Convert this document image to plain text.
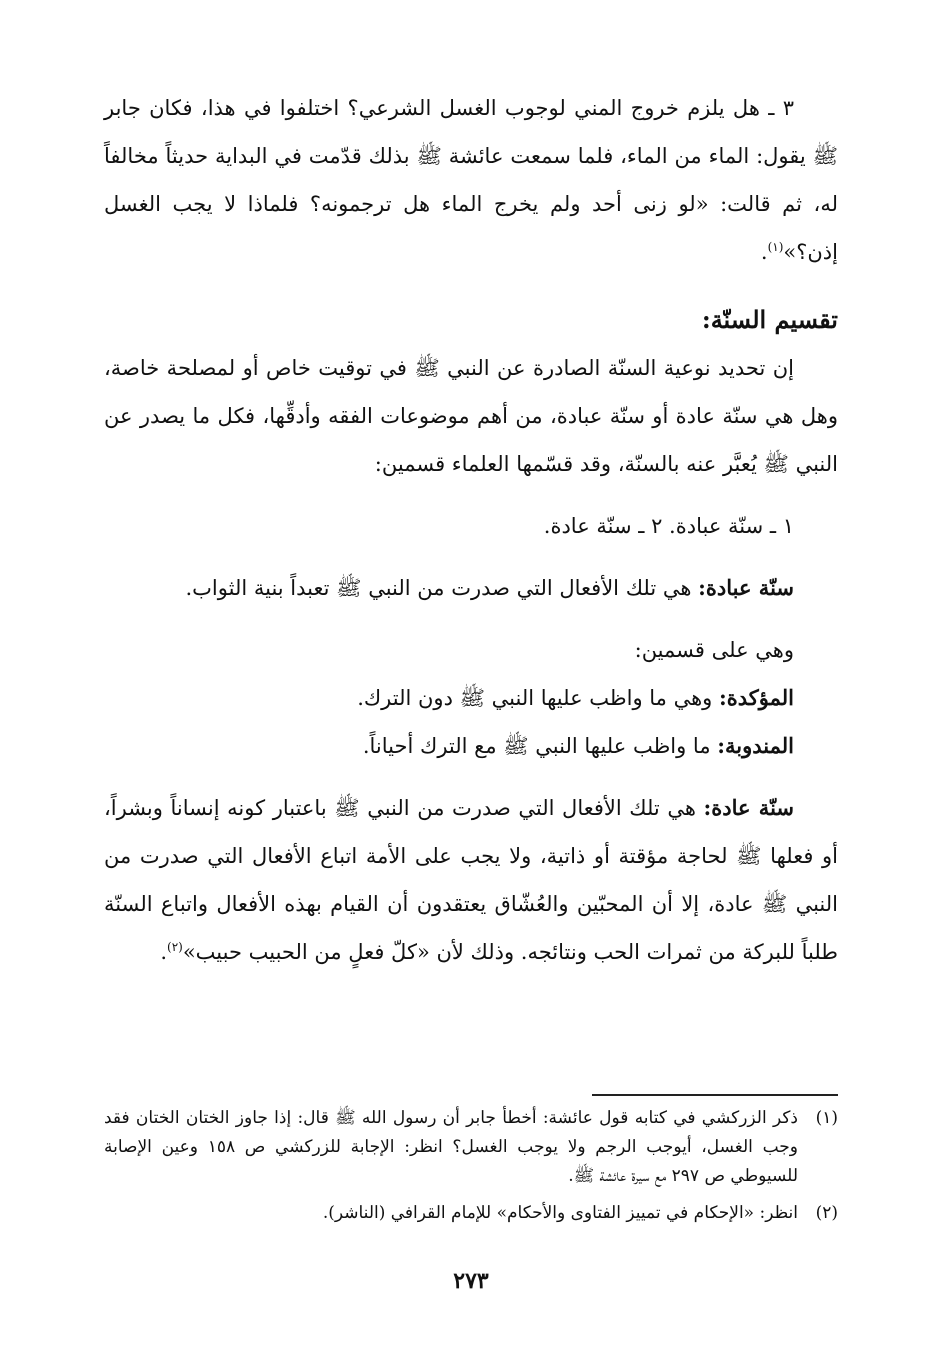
٣ ـ هل يلزم خروج المني لوجوب الغسل الشرعي؟ اختلفوا في هذا، فكان جابر ﷺ يقول: الماء من الماء، فلما سمعت عائشة ﷺ بذلك قدّمت في البداية حديثاً مخالفاً له، ثم قالت: «لو زنى أحد ولم يخرج الماء هل ترجمونه؟ فلماذا لا يجب الغسل إذن؟»$^{(١)}$.

تقسيم السنّة:

إن تحديد نوعية السنّة الصادرة عن النبي ﷺ في توقيت خاص أو لمصلحة خاصة، وهل هي سنّة عادة أو سنّة عبادة، من أهم موضوعات الفقه وأدقِّها، فكل ما يصدر عن النبي ﷺ يُعبَّر عنه بالسنّة، وقد قسّمها العلماء قسمين:

١ ـ سنّة عبادة. ٢ ـ سنّة عادة.

سنّة عبادة: هي تلك الأفعال التي صدرت من النبي ﷺ تعبداً بنية الثواب.

وهي على قسمين:

المؤكدة: وهي ما واظب عليها النبي ﷺ دون الترك.

المندوبة: ما واظب عليها النبي ﷺ مع الترك أحياناً.

سنّة عادة: هي تلك الأفعال التي صدرت من النبي ﷺ باعتبار كونه إنساناً وبشراً، أو فعلها ﷺ لحاجة مؤقتة أو ذاتية، ولا يجب على الأمة اتباع الأفعال التي صدرت من النبي ﷺ عادة، إلا أن المحبّين والعُشّاق يعتقدون أن القيام بهذه الأفعال واتباع السنّة طلباً للبركة من ثمرات الحب ونتائجه. وذلك لأن «كلّ فعلٍ من الحبيب حبيب»$^{(٢)}$.

(١)
ذكر الزركشي في كتابه قول عائشة: أخطأ جابر أن رسول الله ﷺ قال: إذا جاوز الختان الختان فقد وجب الغسل، أيوجب الرجم ولا يوجب الغسل؟ انظر: الإجابة للزركشي ص ١٥٨ وعين الإصابة للسيوطي ص ٢٩٧ مع سيرة عائشة ﷺ.

(٢)
انظر: «الإحكام في تمييز الفتاوى والأحكام» للإمام القرافي (الناشر).

٢٧٣
